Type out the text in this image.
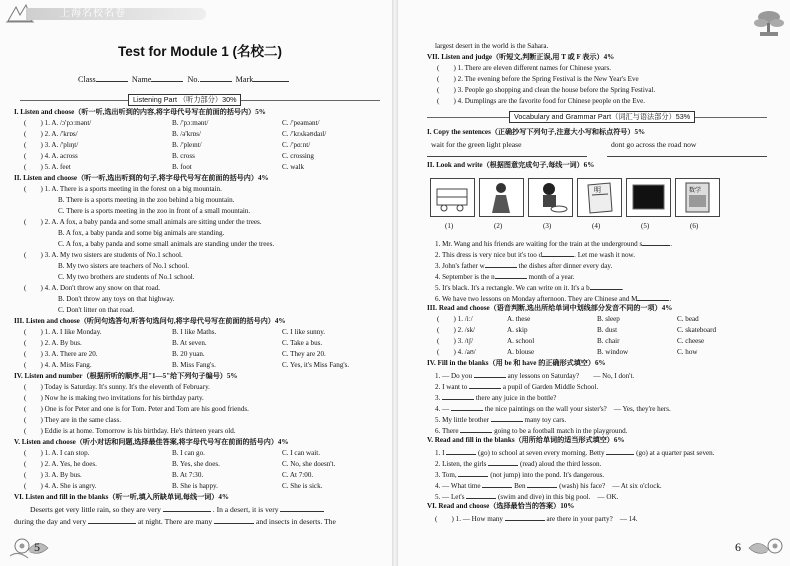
上海名校名卷
Test for Module 1 (名校二)
Class	Name	No.	Mark
Listening Part （听力部分）30%
I. Listen and choose（听一听,选出听到的内容,将字母代号写在前面的括号内）5%
(　　) 1. A. /ɔ'pɔːmənt/	B. /'pɔːmənt/	C. /'peəmənt/
(　　) 2. A. /'krɒs/	B. /ə'krɒs/	C. /'krʌkəʊdaɪl/
(　　) 3. A. /'plɪŋt/	B. /'pleɪnt/	C. /'pɑːnt/
(　　) 4. A. across	B. cross	C. crossing
(　　) 5. A. feet	B. foot	C. walk
II. Listen and choose（听一听,选出听到的句子,将字母代号写在前面的括号内）4%
(　　) 1. A. There is a sports meeting in the forest on a big mountain.
B. There is a sports meeting in the zoo behind a big mountain.
C. There is a sports meeting in the zoo in front of a small mountain.
(　　) 2. A. A fox, a baby panda and some small animals are sitting under the trees.
B. A fox, a baby panda and some big animals are standing.
C. A fox, a baby panda and some small animals are standing under the trees.
(　　) 3. A. My two sisters are students of No.1 school.
B. My two sisters are teachers of No.1 school.
C. My two brothers are students of No.1 school.
(　　) 4. A. Don't throw any snow on that road.
B. Don't throw any toys on that highway.
C. Don't litter on that road.
III. Listen and choose（听问句选答句,听答句选问句,将字母代号写在前面的括号内）4%
(　　) 1. A. I like Monday.	B. I like Maths.	C. I like sunny.
(　　) 2. A. By bus.	B. At seven.	C. Take a bus.
(　　) 3. A. There are 20.	B. 20 yuan.	C. They are 20.
(　　) 4. A. Miss Fang.	B. Miss Fang's.	C. Yes, it's Miss Fang's.
IV. Listen and number（根据所听的顺序,用"1—5"给下列句子编号）5%
(　　) Today is Saturday. It's sunny. It's the eleventh of February.
(　　) Now he is making two invitations for his birthday party.
(　　) One is for Peter and one is for Tom. Peter and Tom are his good friends.
(　　) They are in the same class.
(　　) Eddie is at home. Tomorrow is his birthday. He's thirteen years old.
V. Listen and choose（听小对话和问题,选择最佳答案,将字母代号写在前面的括号内）4%
(　　) 1. A. I can stop.	B. I can go.	C. I can wait.
(　　) 2. A. Yes, he does.	B. Yes, she does.	C. No, she doesn't.
(　　) 3. A. By bus.	B. At 7:30.	C. At 7:00.
(　　) 4. A. She is angry.	B. She is happy.	C. She is sick.
VI. Listen and fill in the blanks（听一听,填入所缺单词,每线一词）4%
Deserts get very little rain, so they are very	. In a desert, it is very
during the day and very	at night. There are many	and insects in deserts. The
5
largest desert in the world is the Sahara.
VII. Listen and judge（听短文,判断正误,用 T 或 F 表示）4%
(　　) 1. There are eleven different names for Chinese years.
(　　) 2. The evening before the Spring Festival is the New Year's Eve
(　　) 3. People go shopping and clean the house before the Spring Festival.
(　　) 4. Dumplings are the favorite food for Chinese people on the Eve.
Vocabulary and Grammar Part（词汇与语法部分）53%
I. Copy the sentences（正确抄写下列句子,注意大小写和标点符号）5%
wait for the green light please	dont go across the road now
II. Look and write（根据图意完成句子,每线一词）6%
明	数学
(1)	(2)	(3)	(4)	(5)	(6)
1. Mr. Wang and his friends are waiting for the train at the underground s	.
2. This dress is very nice but it's too d	. Let me wash it now.
3. John's father w	the dishes after dinner every day.
4. September is the n	month of a year.
5. It's black. It's a rectangle. We can write on it. It's a b	.
6. We have two lessons on Monday afternoon. They are Chinese and M	.
III. Read and choose（语音判断,选出所给单词中划线部分发音不同的一项）4%
(　　) 1. /iː/	A. these	B. sleep	C. bead
(　　) 2. /sk/	A. skip	B. dust	C. skateboard
(　　) 3. /tʃ/	A. school	B. chair	C. cheese
(　　) 4. /aʊ/	A. blouse	B. window	C. how
IV. Fill in the blanks（用 be 和 have 的正确形式填空）6%
1. — Do you	any lessons on Saturday?　　— No, I don't.
2. I want to	a pupil of Garden Middle School.
3.	there any juice in the bottle?
4. —	the nice paintings on the wall your sister's?　— Yes, they're hers.
5. My little brother	many toy cars.
6. There	going to be a football match in the playground.
V. Read and fill in the blanks（用所给单词的适当形式填空）6%
1. I	(go) to school at seven every morning. Betty	(go) at a quarter past seven.
2. Listen, the girls	(read) aloud the third lesson.
3. Tom,	(not jump) into the pond. It's dangerous.
4. — What time	Ben	(wash) his face?　— At six o'clock.
5. — Let's	(swim and dive) in this big pool.　— OK.
VI. Read and choose（选择最恰当的答案）10%
(　　) 1. — How many	are there in your party?　— 14.
6
